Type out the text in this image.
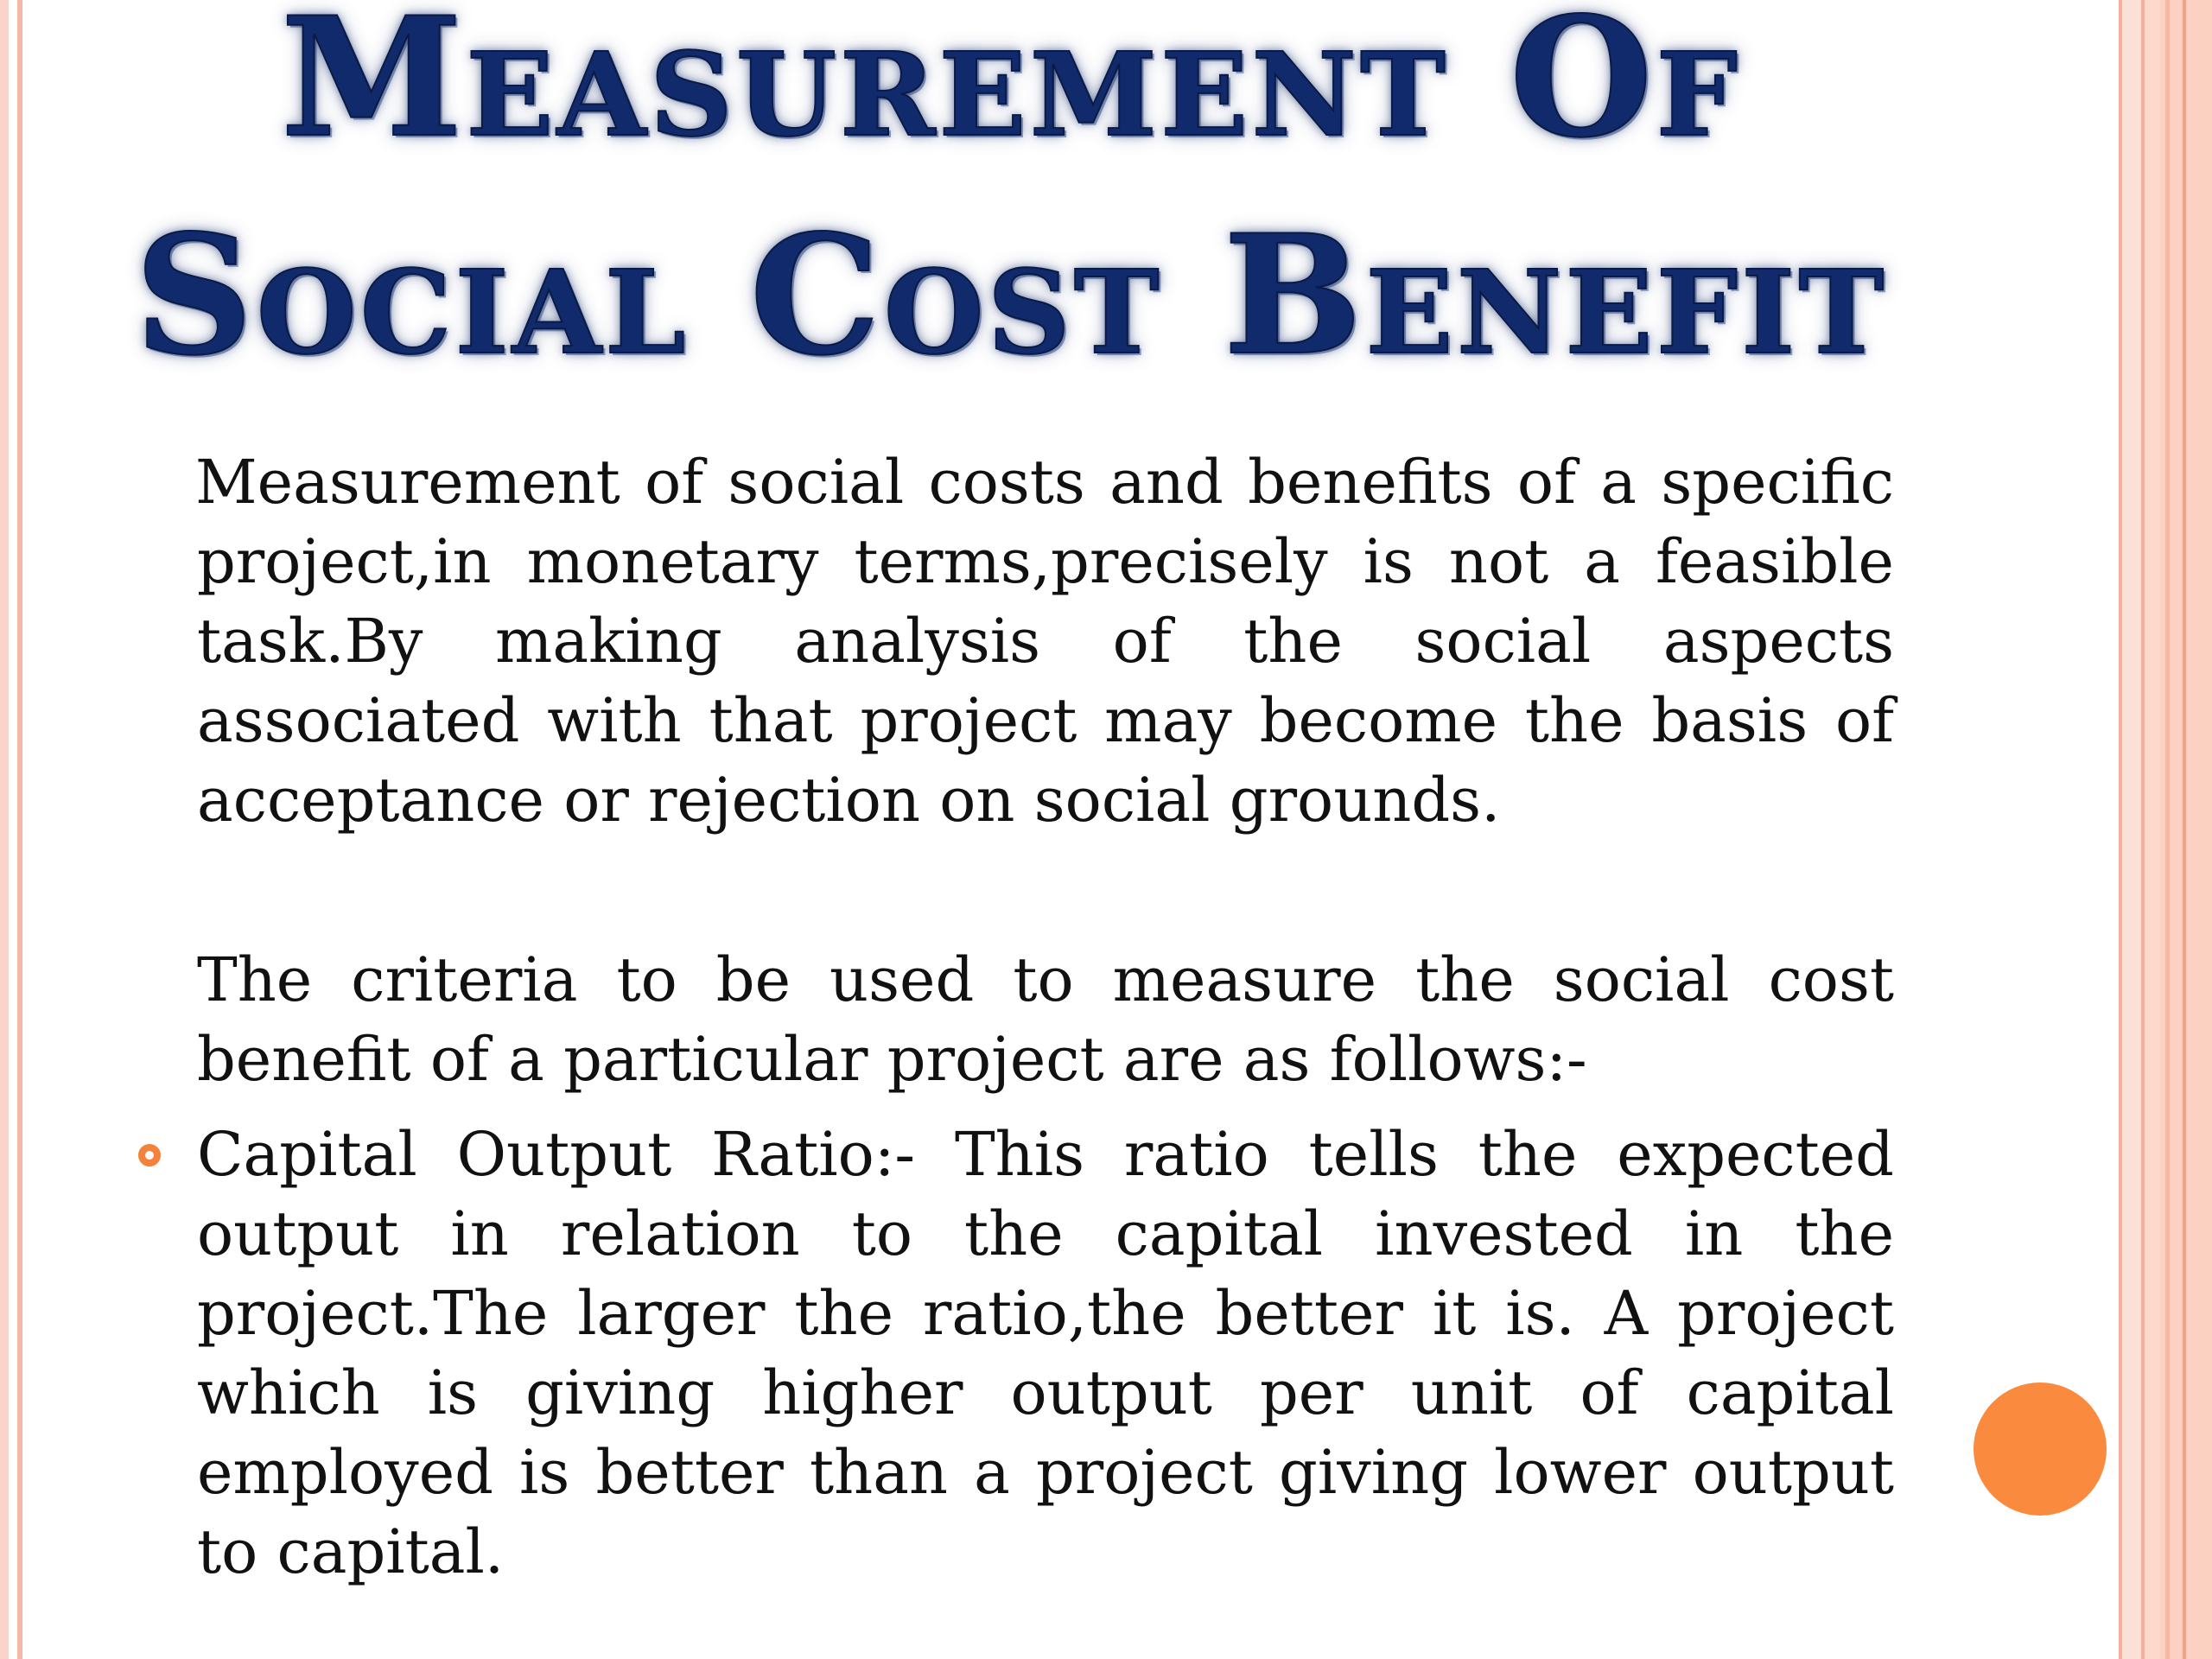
Measurement Of
Social Cost Benefit

Measurement of social costs and benefits of a specific project,in monetary terms,precisely is not a feasible task.By making analysis of the social aspects associated with that project may become the basis of acceptance or rejection on social grounds.

The criteria to be used to measure the social cost benefit of a particular project are as follows:-

Capital Output Ratio:- This ratio tells the expected output in relation to the capital invested in the project.The larger the ratio,the better it is. A project which is giving higher output per unit of capital employed is better than a project giving lower output to capital.
